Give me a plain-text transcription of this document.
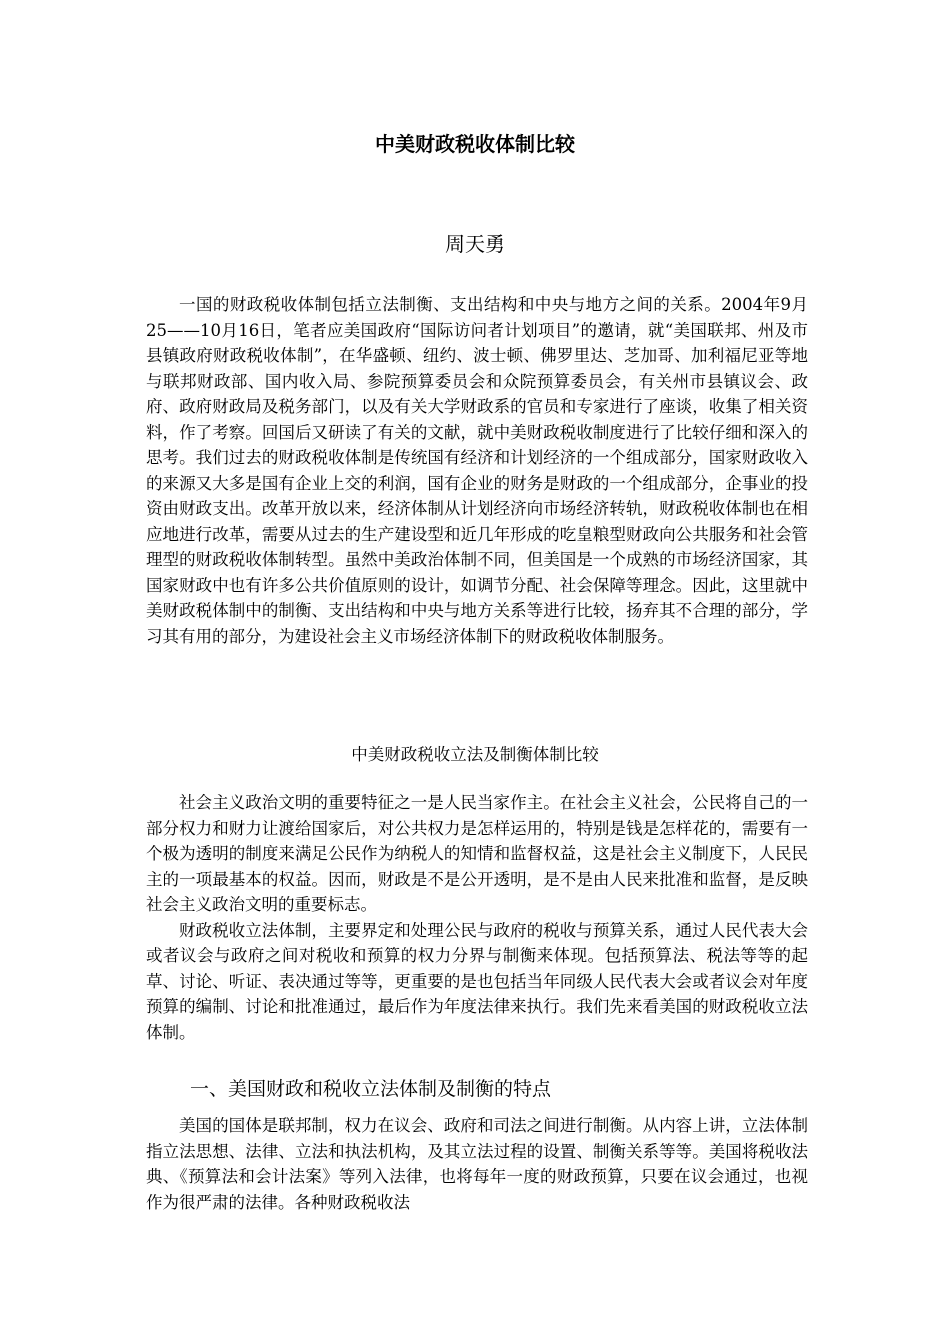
中美财政税收体制比较
周天勇

一国的财政税收体制包括立法制衡、支出结构和中央与地方之间的关系。2004年9月25——10月16日，笔者应美国政府“国际访问者计划项目”的邀请，就“美国联邦、州及市县镇政府财政税收体制”，在华盛顿、纽约、波士顿、佛罗里达、芝加哥、加利福尼亚等地与联邦财政部、国内收入局、参院预算委员会和众院预算委员会，有关州市县镇议会、政府、政府财政局及税务部门，以及有关大学财政系的官员和专家进行了座谈，收集了相关资料，作了考察。回国后又研读了有关的文献，就中美财政税收制度进行了比较仔细和深入的思考。我们过去的财政税收体制是传统国有经济和计划经济的一个组成部分，国家财政收入的来源又大多是国有企业上交的利润，国有企业的财务是财政的一个组成部分，企事业的投资由财政支出。改革开放以来，经济体制从计划经济向市场经济转轨，财政税收体制也在相应地进行改革，需要从过去的生产建设型和近几年形成的吃皇粮型财政向公共服务和社会管理型的财政税收体制转型。虽然中美政治体制不同，但美国是一个成熟的市场经济国家，其国家财政中也有许多公共价值原则的设计，如调节分配、社会保障等理念。因此，这里就中美财政税体制中的制衡、支出结构和中央与地方关系等进行比较，扬弃其不合理的部分，学习其有用的部分，为建设社会主义市场经济体制下的财政税收体制服务。

中美财政税收立法及制衡体制比较

社会主义政治文明的重要特征之一是人民当家作主。在社会主义社会，公民将自己的一部分权力和财力让渡给国家后，对公共权力是怎样运用的，特别是钱是怎样花的，需要有一个极为透明的制度来满足公民作为纳税人的知情和监督权益，这是社会主义制度下，人民民主的一项最基本的权益。因而，财政是不是公开透明，是不是由人民来批准和监督，是反映社会主义政治文明的重要标志。

财政税收立法体制，主要界定和处理公民与政府的税收与预算关系，通过人民代表大会或者议会与政府之间对税收和预算的权力分界与制衡来体现。包括预算法、税法等等的起草、讨论、听证、表决通过等等，更重要的是也包括当年同级人民代表大会或者议会对年度预算的编制、讨论和批准通过，最后作为年度法律来执行。我们先来看美国的财政税收立法体制。

一、美国财政和税收立法体制及制衡的特点

美国的国体是联邦制，权力在议会、政府和司法之间进行制衡。从内容上讲，立法体制指立法思想、法律、立法和执法机构，及其立法过程的设置、制衡关系等等。美国将税收法典、《预算法和会计法案》等列入法律，也将每年一度的财政预算，只要在议会通过，也视作为很严肃的法律。各种财政税收法
